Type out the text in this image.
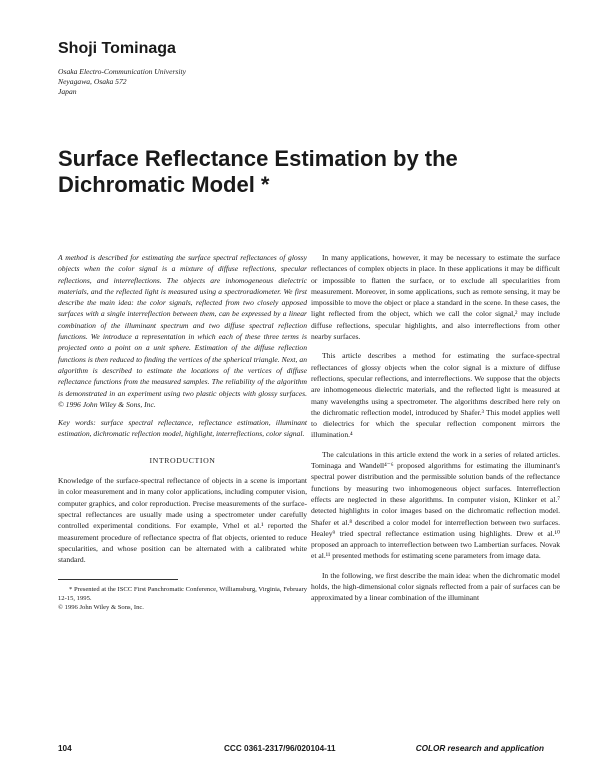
Shoji Tominaga

Osaka Electro-Communication University

Neyagawa, Osaka 572

Japan

Surface Reflectance Estimation by the Dichromatic Model *

A method is described for estimating the surface spectral reflectances of glossy objects when the color signal is a mixture of diffuse reflections, specular reflections, and interreflections. The objects are inhomogeneous dielectric materials, and the reflected light is measured using a spectroradiometer. We first describe the main idea: the color signals, reflected from two closely apposed surfaces with a single interreflection between them, can be expressed by a linear combination of the illuminant spectrum and two diffuse spectral reflection functions. We introduce a representation in which each of these three terms is projected onto a point on a unit sphere. Estimation of the diffuse reflection functions is then reduced to finding the vertices of the spherical triangle. Next, an algorithm is described to estimate the locations of the vertices of diffuse reflectance functions from the measured samples. The reliability of the algorithm is demonstrated in an experiment using two plastic objects with glossy surfaces. © 1996 John Wiley & Sons, Inc.

Key words: surface spectral reflectance, reflectance estimation, illuminant estimation, dichromatic reflection model, highlight, interreflections, color signal.

INTRODUCTION

Knowledge of the surface-spectral reflectance of objects in a scene is important in color measurement and in many color applications, including computer vision, computer graphics, and color reproduction. Precise measurements of the surface-spectral reflectances are usually made using a spectrometer under carefully controlled experimental conditions. For example, Vrhel et al.¹ reported the measurement procedure of reflectance spectra of flat objects, oriented to reduce specularities, and whose position can be alternated with a calibrated white standard.

* Presented at the ISCC First Panchromatic Conference, Williamsburg, Virginia, February 12-15, 1995.

© 1996 John Wiley & Sons, Inc.

In many applications, however, it may be necessary to estimate the surface reflectances of complex objects in place. In these applications it may be difficult or impossible to flatten the surface, or to exclude all specularities from measurement. Moreover, in some applications, such as remote sensing, it may be impossible to move the object or place a standard in the scene. In these cases, the light reflected from the object, which we call the color signal,² may include diffuse reflections, specular highlights, and also interreflections from other nearby surfaces.

This article describes a method for estimating the surface-spectral reflectances of glossy objects when the color signal is a mixture of diffuse reflections, specular reflections, and interreflections. We suppose that the objects are inhomogeneous dielectric materials, and the reflected light is measured at many wavelengths using a spectrometer. The algorithms described here rely on the dichromatic reflection model, introduced by Shafer.³ This model applies well to dielectrics for which the specular reflection component mirrors the illumination.⁴

The calculations in this article extend the work in a series of related articles. Tominaga and Wandell⁴⁻⁶ proposed algorithms for estimating the illuminant's spectral power distribution and the permissible solution bands of the reflectance functions by measuring two inhomogeneous object surfaces. Interreflection effects are neglected in these algorithms. In computer vision, Klinker et al.⁷ detected highlights in color images based on the dichromatic reflection model. Shafer et al.⁸ described a color model for interreflection between two surfaces. Healey⁹ tried spectral reflectance estimation using highlights. Drew et al.¹⁰ proposed an approach to interreflection between two Lambertian surfaces. Novak et al.¹¹ presented methods for estimating scene parameters from image data.

In the following, we first describe the main idea: when the dichromatic model holds, the high-dimensional color signals reflected from a pair of surfaces can be approximated by a linear combination of the illuminant

104	CCC 0361-2317/96/020104-11	COLOR research and application
